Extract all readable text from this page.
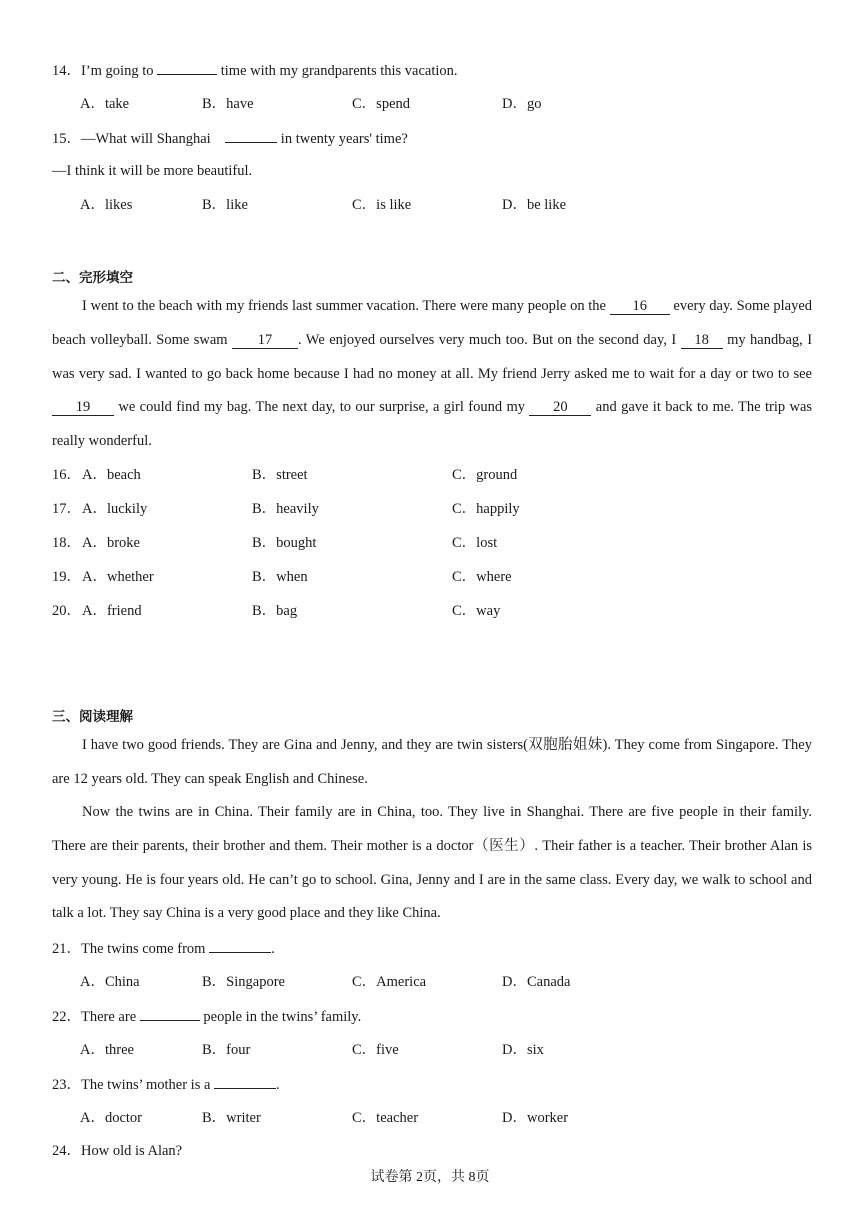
14．I’m going to	time with my grandparents this vacation.
A．take	B．have	C．spend	D．go
15．—What will Shanghai	in twenty years' time?
—I think it will be more beautiful.
A．likes	B．like	C．is like	D．be like
二、完形填空
I went to the beach with my friends last summer vacation. There were many people on the 16 every day. Some played beach volleyball. Some swam 17 . We enjoyed ourselves very much too. But on the second day, I 18 my handbag, I was very sad. I wanted to go back home because I had no money at all. My friend Jerry asked me to wait for a day or two to see 19 we could find my bag. The next day, to our surprise, a girl found my 20 and gave it back to me. The trip was really wonderful.
16． A．beach	B．street	C．ground
17． A．luckily	B．heavily	C．happily
18． A．broke	B．bought	C．lost
19． A．whether	B．when	C．where
20． A．friend	B．bag	C．way
三、阅读理解
I have two good friends. They are Gina and Jenny, and they are twin sisters(双胞胎姐妹). They come from Singapore. They are 12 years old. They can speak English and Chinese.
Now the twins are in China. Their family are in China, too. They live in Shanghai. There are five people in their family. There are their parents, their brother and them. Their mother is a doctor（医生）. Their father is a teacher. Their brother Alan is very young. He is four years old. He can’t go to school. Gina, Jenny and I are in the same class. Every day, we walk to school and talk a lot. They say China is a very good place and they like China.
21．The twins come from	.
A．China	B．Singapore	C．America	D．Canada
22．There are	people in the twins’ family.
A．three	B．four	C．five	D．six
23．The twins’ mother is a	.
A．doctor	B．writer	C．teacher	D．worker
24．How old is Alan?
试卷第 2页，共 8页
